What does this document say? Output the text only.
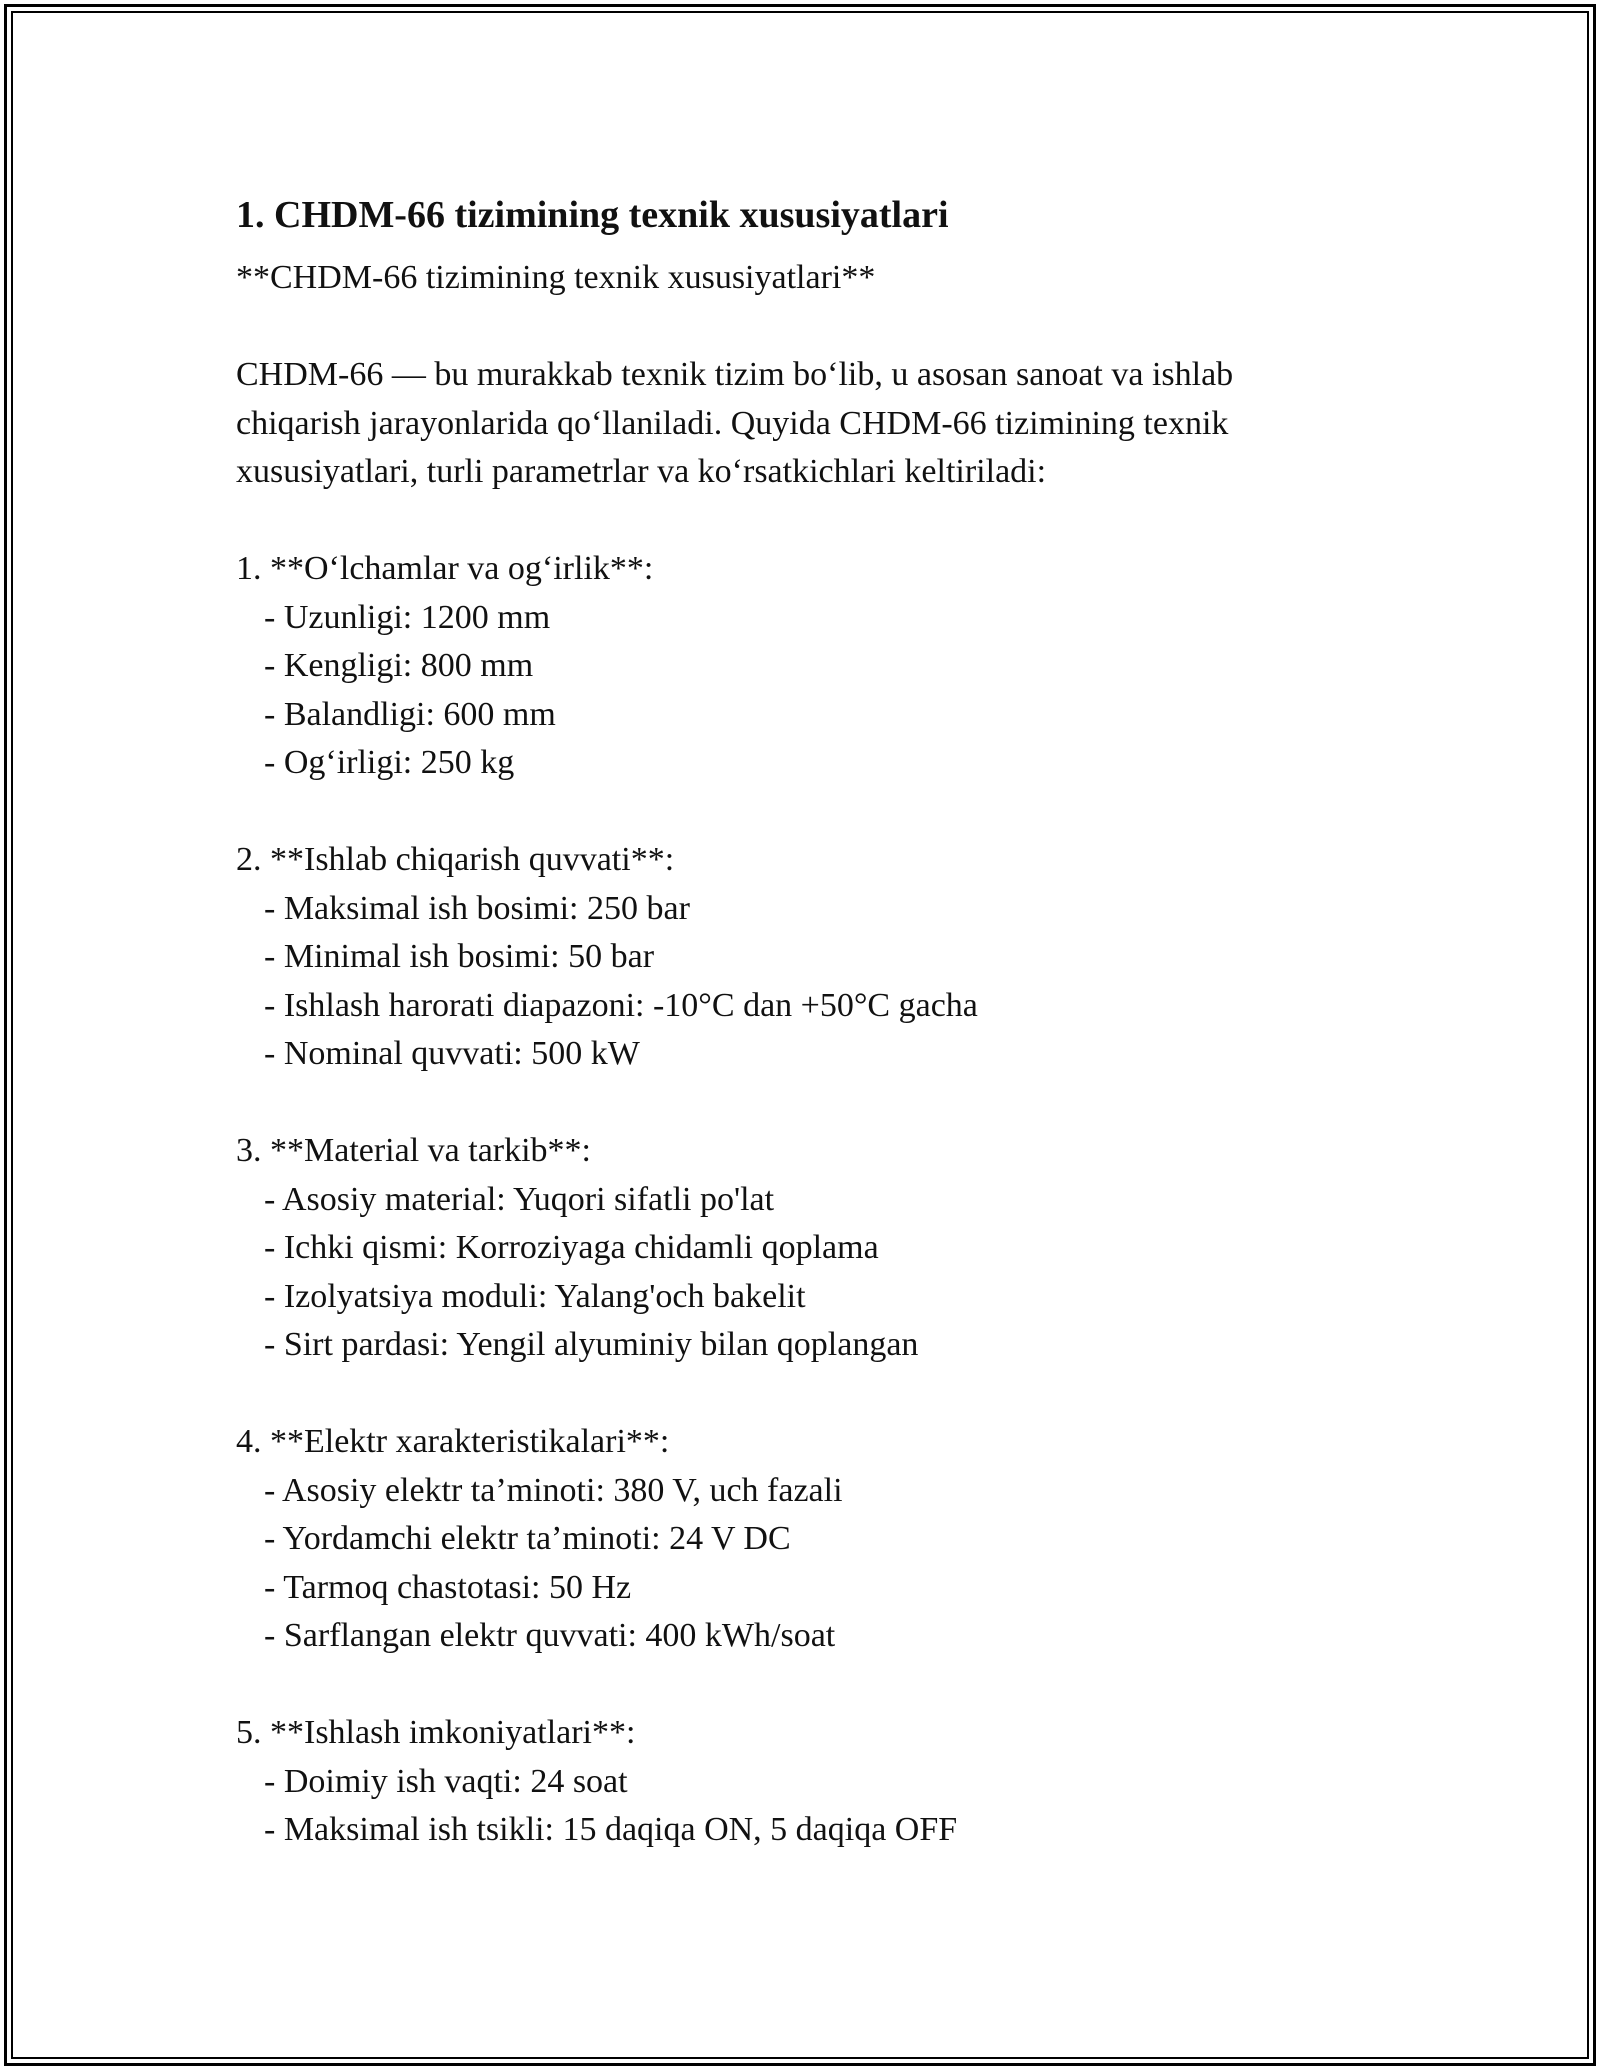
1. CHDM-66 tizimining texnik xususiyatlari

**CHDM-66 tizimining texnik xususiyatlari**

CHDM-66 — bu murakkab texnik tizim bo‘lib, u asosan sanoat va ishlab

chiqarish jarayonlarida qo‘llaniladi. Quyida CHDM-66 tizimining texnik

xususiyatlari, turli parametrlar va ko‘rsatkichlari keltiriladi:

1. **O‘lchamlar va og‘irlik**:

- Uzunligi: 1200 mm

- Kengligi: 800 mm

- Balandligi: 600 mm

- Og‘irligi: 250 kg

2. **Ishlab chiqarish quvvati**:

- Maksimal ish bosimi: 250 bar

- Minimal ish bosimi: 50 bar

- Ishlash harorati diapazoni: -10°C dan +50°C gacha

- Nominal quvvati: 500 kW

3. **Material va tarkib**:

- Asosiy material: Yuqori sifatli po'lat

- Ichki qismi: Korroziyaga chidamli qoplama

- Izolyatsiya moduli: Yalang'och bakelit

- Sirt pardasi: Yengil alyuminiy bilan qoplangan

4. **Elektr xarakteristikalari**:

- Asosiy elektr ta’minoti: 380 V, uch fazali

- Yordamchi elektr ta’minoti: 24 V DC

- Tarmoq chastotasi: 50 Hz

- Sarflangan elektr quvvati: 400 kWh/soat

5. **Ishlash imkoniyatlari**:

- Doimiy ish vaqti: 24 soat

- Maksimal ish tsikli: 15 daqiqa ON, 5 daqiqa OFF
